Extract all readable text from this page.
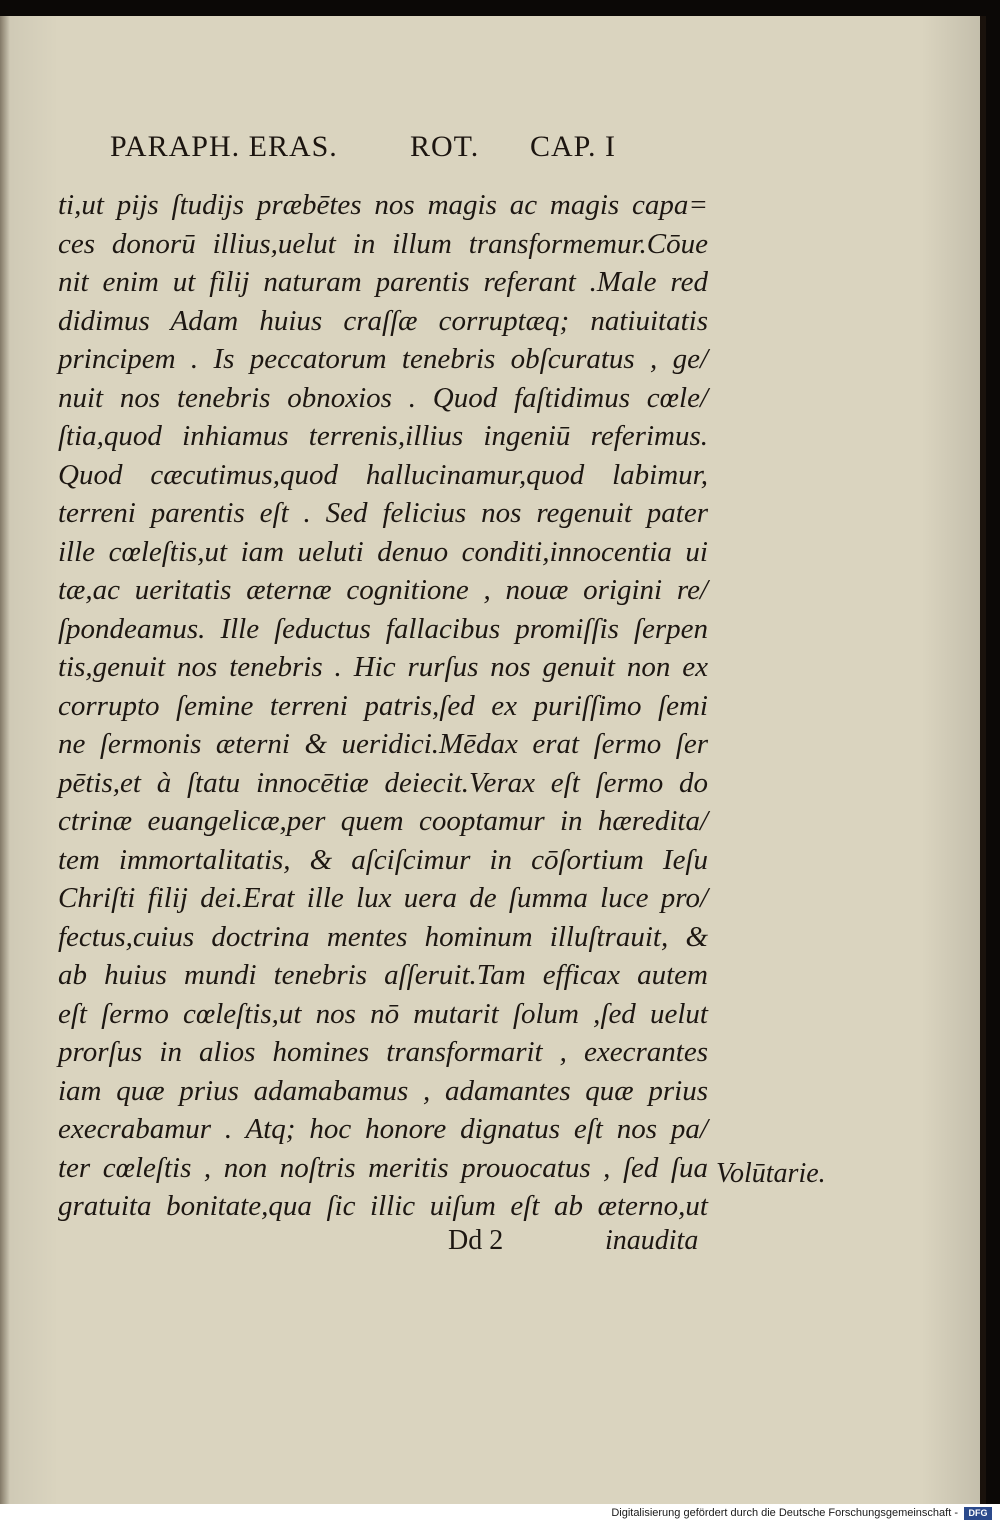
PARAPH. ERAS. ROT. CAP. I
ti,ut pijs ſtudijs præbētes nos magis ac magis capa=
ces donorū illius,uelut in illum transformemur.Cōue
nit enim ut filij naturam parentis referant .Male red
didimus Adam huius craſſæ corruptæq; natiuitatis
principem . Is peccatorum tenebris obſcuratus , ge/
nuit nos tenebris obnoxios . Quod faſtidimus cœle/
ſtia,quod inhiamus terrenis,illius ingeniū referimus.
Quod cæcutimus,quod hallucinamur,quod labimur,
terreni parentis eſt . Sed felicius nos regenuit pater
ille cœleſtis,ut iam ueluti denuo conditi,innocentia ui
tæ,ac ueritatis æternæ cognitione , nouæ origini re/
ſpondeamus. Ille ſeductus fallacibus promiſſis ſerpen
tis,genuit nos tenebris . Hic rurſus nos genuit non ex
corrupto ſemine terreni patris,ſed ex puriſſimo ſemi
ne ſermonis æterni & ueridici.Mēdax erat ſermo ſer
pētis,et à ſtatu innocētiæ deiecit.Verax eſt ſermo do
ctrinæ euangelicæ,per quem cooptamur in hæredita/
tem immortalitatis, & aſciſcimur in cōſortium Ieſu
Chriſti filij dei.Erat ille lux uera de ſumma luce pro/
fectus,cuius doctrina mentes hominum illuſtrauit, &
ab huius mundi tenebris aſſeruit.Tam efficax autem
eſt ſermo cœleſtis,ut nos nō mutarit ſolum ,ſed uelut
prorſus in alios homines transformarit , execrantes
iam quæ prius adamabamus , adamantes quæ prius
execrabamur . Atq; hoc honore dignatus eſt nos pa/
ter cœleſtis , non noſtris meritis prouocatus , ſed ſua
gratuita bonitate,qua ſic illic uiſum eſt ab æterno,ut
Volūtarie.
Dd 2	inaudita
Digitalisierung gefördert durch die Deutsche Forschungsgemeinschaft -	DFG
